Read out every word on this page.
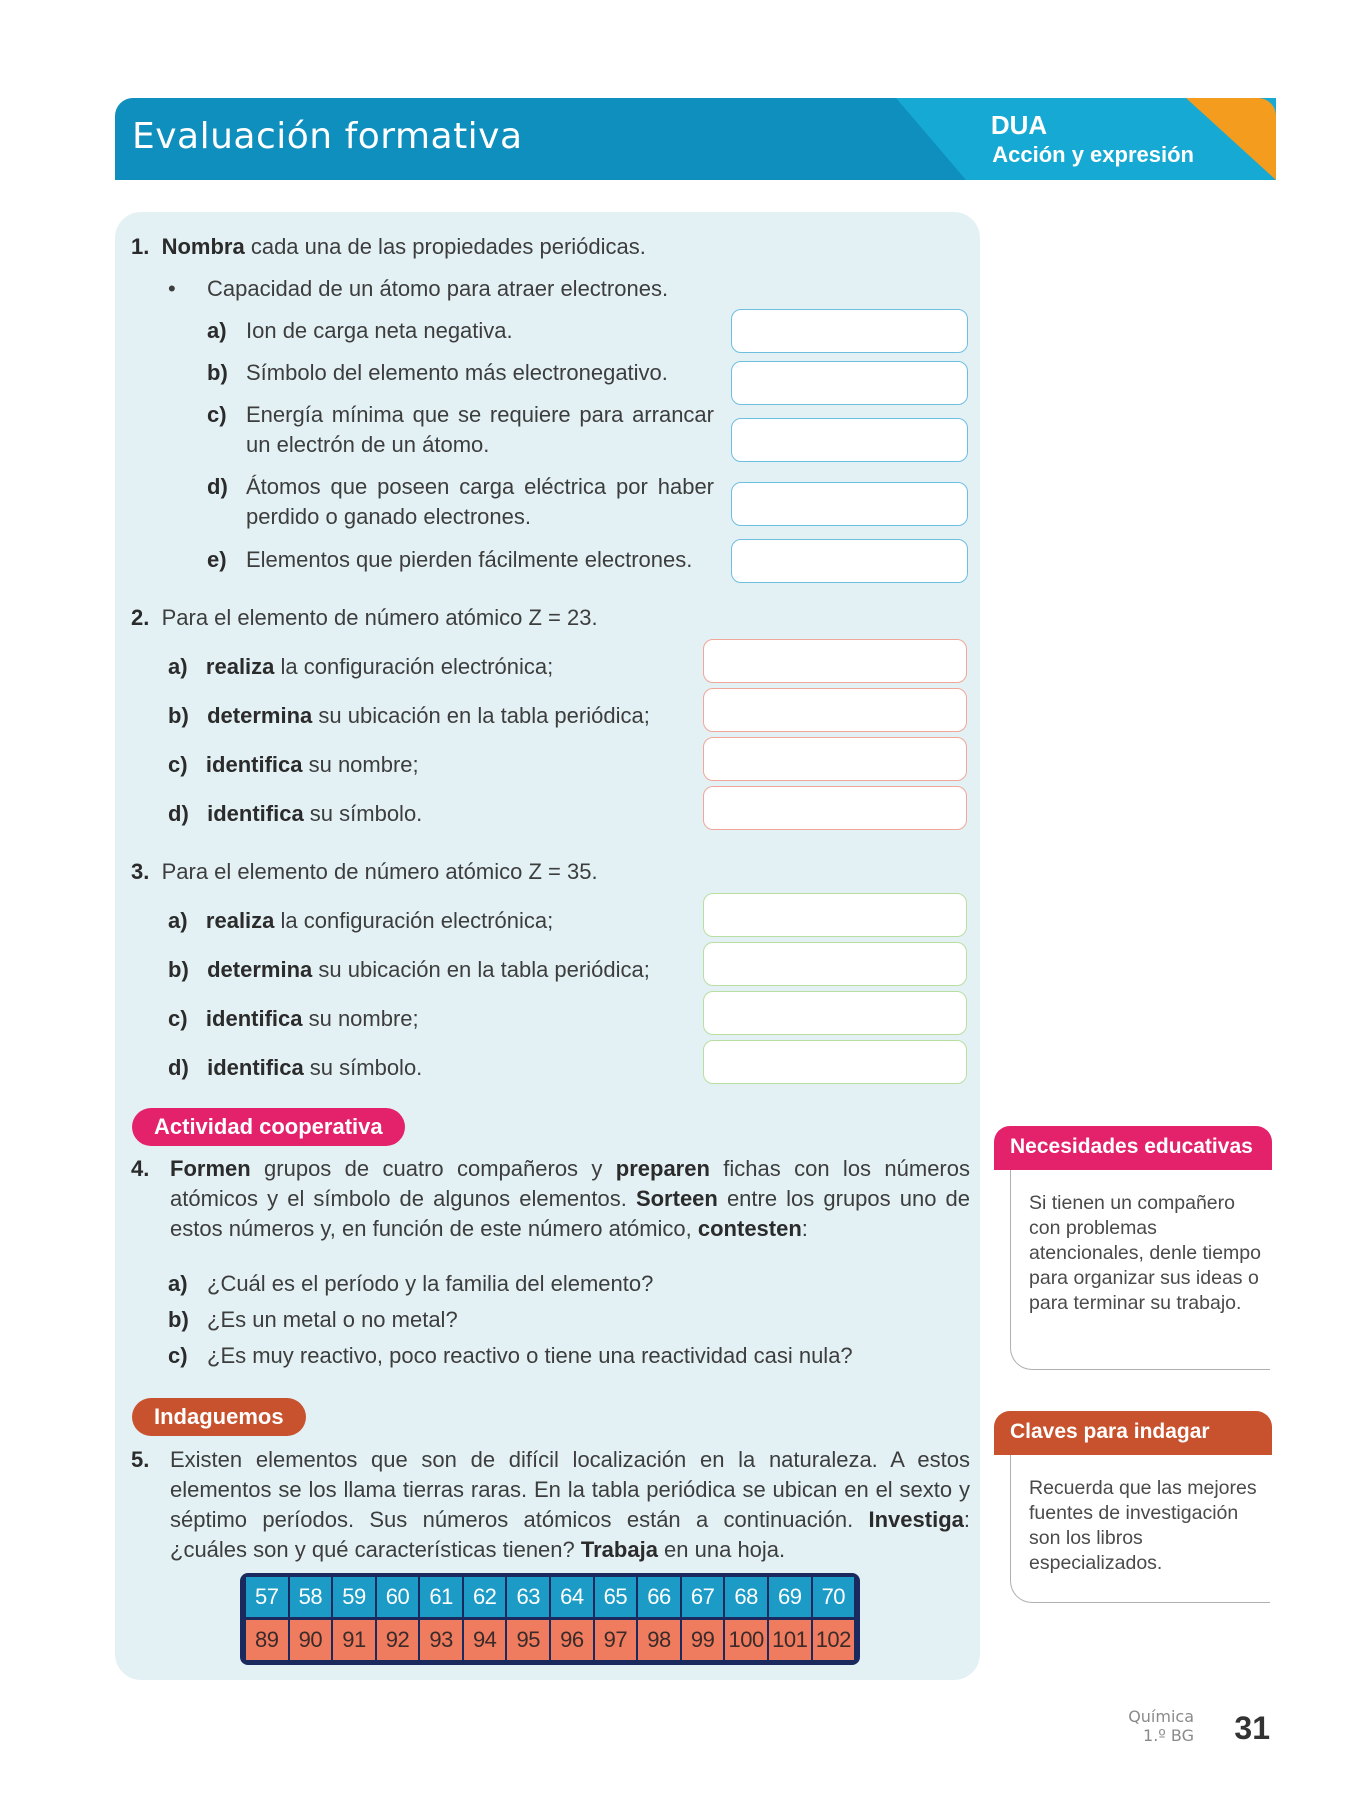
Evaluación formativa	DUA
Acción y expresión
1. Nombra cada una de las propiedades periódicas.
• Capacidad de un átomo para atraer electrones.
a) Ion de carga neta negativa.
b) Símbolo del elemento más electronegativo.
c) Energía mínima que se requiere para arrancar un electrón de un átomo.
d) Átomos que poseen carga eléctrica por haber perdido o ganado electrones.
e) Elementos que pierden fácilmente electrones.
2. Para el elemento de número atómico Z = 23.
a) realiza la configuración electrónica;
b) determina su ubicación en la tabla periódica;
c) identifica su nombre;
d) identifica su símbolo.
3. Para el elemento de número atómico Z = 35.
a) realiza la configuración electrónica;
b) determina su ubicación en la tabla periódica;
c) identifica su nombre;
d) identifica su símbolo.
Actividad cooperativa
4. Formen grupos de cuatro compañeros y preparen fichas con los números atómicos y el símbolo de algunos elementos. Sorteen entre los grupos uno de estos números y, en función de este número atómico, contesten:
a) ¿Cuál es el período y la familia del elemento?
b) ¿Es un metal o no metal?
c) ¿Es muy reactivo, poco reactivo o tiene una reactividad casi nula?
Indaguemos
5. Existen elementos que son de difícil localización en la naturaleza. A estos elementos se los llama tierras raras. En la tabla periódica se ubican en el sexto y séptimo períodos. Sus números atómicos están a continuación. Investiga: ¿cuáles son y qué características tienen? Trabaja en una hoja.
57 58 59 60 61 62 63 64 65 66 67 68 69 70
89 90 91 92 93 94 95 96 97 98 99 100 101 102
Necesidades educativas
Si tienen un compañero con problemas atencionales, denle tiempo para organizar sus ideas o para terminar su trabajo.
Claves para indagar
Recuerda que las mejores fuentes de investigación son los libros especializados.
Química
1.º BG 31
